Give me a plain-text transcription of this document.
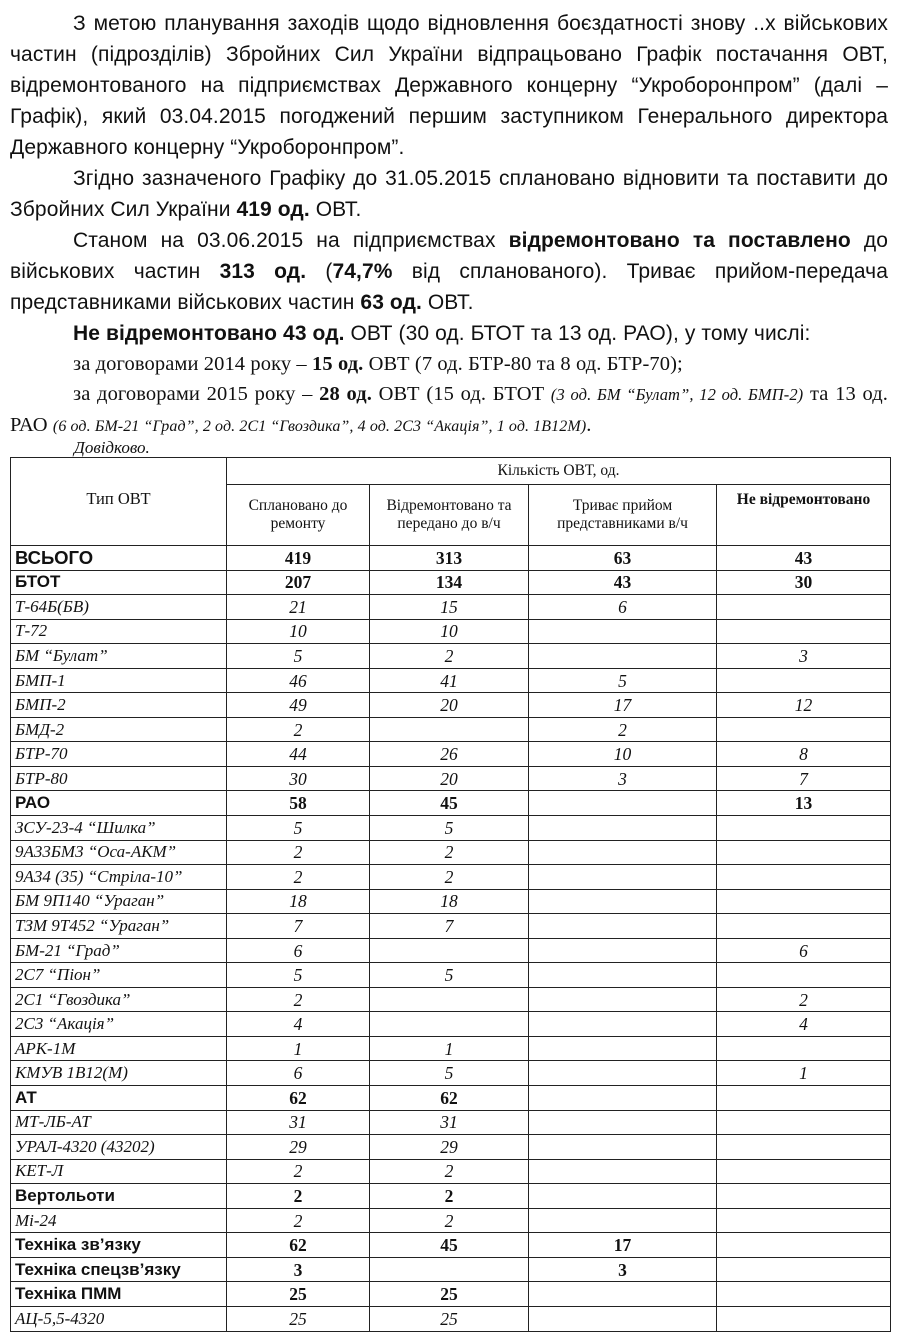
З метою планування заходів щодо відновлення боєздатності знову ..х військових частин (підрозділів) Збройних Сил України відпрацьовано Графік постачання ОВТ, відремонтованого на підприємствах Державного концерну “Укроборонпром” (далі – Графік), який 03.04.2015 погоджений першим заступником Генерального директора Державного концерну “Укроборонпром”.

Згідно зазначеного Графіку до 31.05.2015 сплановано відновити та поставити до Збройних Сил України 419 од. ОВТ.

Станом на 03.06.2015 на підприємствах відремонтовано та поставлено до військових частин 313 од. (74,7% від спланованого). Триває прийом-передача представниками військових частин 63 од. ОВТ.

Не відремонтовано 43 од. ОВТ (30 од. БТОТ та 13 од. РАО), у тому числі:

за договорами 2014 року – 15 од. ОВТ (7 од. БТР-80 та 8 од. БТР-70);

за договорами 2015 року – 28 од. ОВТ (15 од. БТОТ (3 од. БМ “Булат”, 12 од. БМП-2) та 13 од. РАО (6 од. БМ-21 “Град”, 2 од. 2С1 “Гвоздика”, 4 од. 2С3 “Акація”, 1 од. 1В12М).

Довідково.
Тип ОВТ	Кількість ОВТ, од.			
	Сплановано до ремонту	Відремонтовано та передано до в/ч	Триває прийом представниками в/ч	Не відремонтовано
ВСЬОГО	419	313	63	43
БТОТ	207	134	43	30
Т-64Б(БВ)	21	15	6	
Т-72	10	10		
БМ “Булат”	5	2		3
БМП-1	46	41	5	
БМП-2	49	20	17	12
БМД-2	2		2	
БТР-70	44	26	10	8
БТР-80	30	20	3	7
РАО	58	45		13
ЗСУ-23-4 “Шилка”	5	5		
9А33БМ3 “Оса-АКМ”	2	2		
9А34 (35) “Стріла-10”	2	2		
БМ 9П140 “Ураган”	18	18		
ТЗМ 9Т452 “Ураган”	7	7		
БМ-21 “Град”	6			6
2С7 “Піон”	5	5		
2С1 “Гвоздика”	2			2
2С3 “Акація”	4			4
АРК-1М	1	1		
КМУВ 1В12(М)	6	5		1
АТ	62	62		
МТ-ЛБ-АТ	31	31		
УРАЛ-4320 (43202)	29	29		
КЕТ-Л	2	2		
Вертольоти	2	2		
Мі-24	2	2		
Техніка зв’язку	62	45	17	
Техніка спецзв’язку	3		3	
Техніка ПММ	25	25		
АЦ-5,5-4320	25	25		
